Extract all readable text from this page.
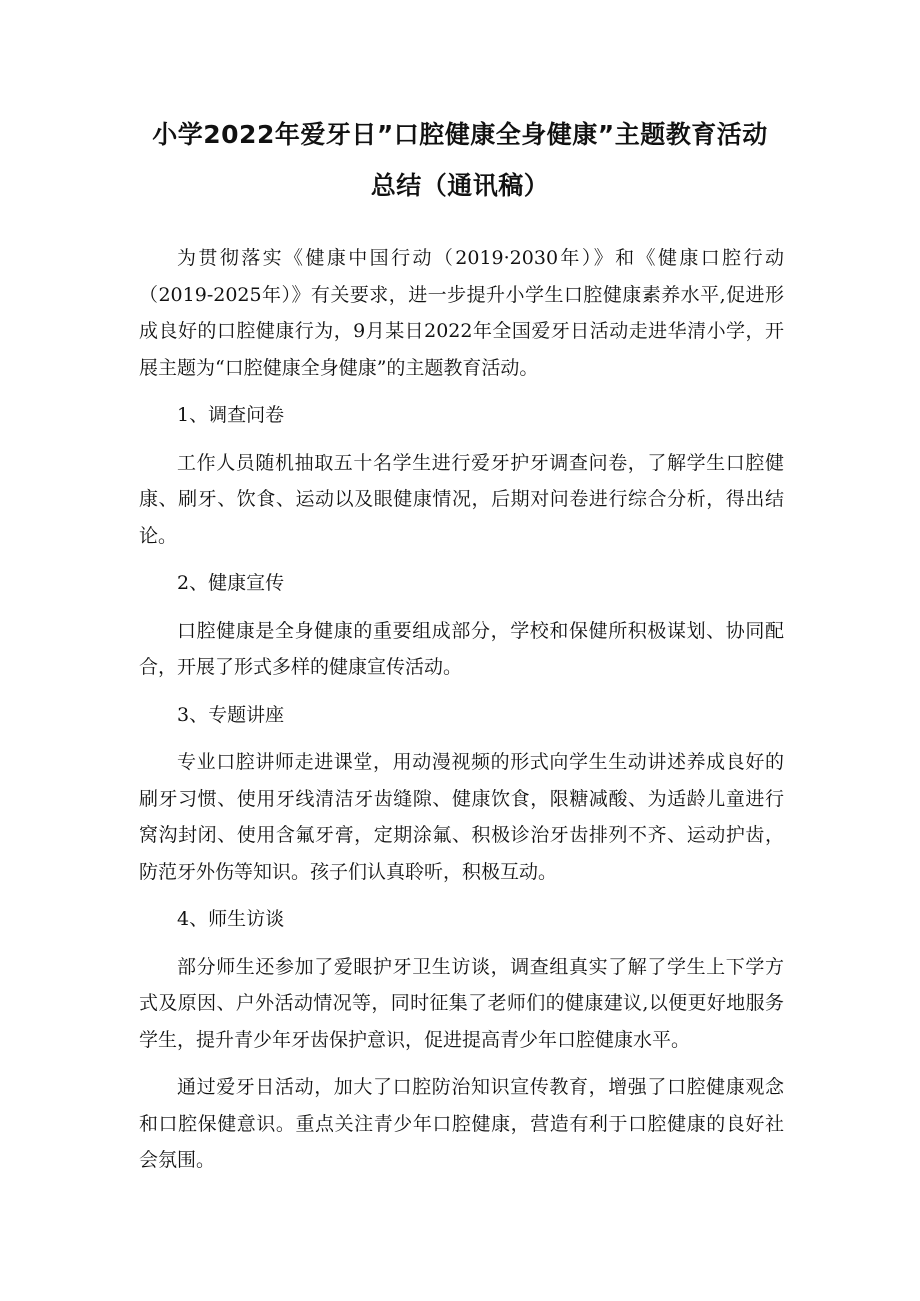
小学2022年爱牙日”口腔健康全身健康”主题教育活动
总结（通讯稿）

为贯彻落实《健康中国行动（2019·2030年）》和《健康口腔行动（2019-2025年）》有关要求，进一步提升小学生口腔健康素养水平,促进形成良好的口腔健康行为，9月某日2022年全国爱牙日活动走进华清小学，开展主题为“口腔健康全身健康”的主题教育活动。

1、调查问卷

工作人员随机抽取五十名学生进行爱牙护牙调查问卷，了解学生口腔健康、刷牙、饮食、运动以及眼健康情况，后期对问卷进行综合分析，得出结论。

2、健康宣传

口腔健康是全身健康的重要组成部分，学校和保健所积极谋划、协同配合，开展了形式多样的健康宣传活动。

3、专题讲座

专业口腔讲师走进课堂，用动漫视频的形式向学生生动讲述养成良好的刷牙习惯、使用牙线清洁牙齿缝隙、健康饮食，限糖减酸、为适龄儿童进行窝沟封闭、使用含氟牙膏，定期涂氟、积极诊治牙齿排列不齐、运动护齿，防范牙外伤等知识。孩子们认真聆听，积极互动。

4、师生访谈

部分师生还参加了爱眼护牙卫生访谈，调查组真实了解了学生上下学方式及原因、户外活动情况等，同时征集了老师们的健康建议,以便更好地服务学生，提升青少年牙齿保护意识，促进提高青少年口腔健康水平。

通过爱牙日活动，加大了口腔防治知识宣传教育，增强了口腔健康观念和口腔保健意识。重点关注青少年口腔健康，营造有利于口腔健康的良好社会氛围。
